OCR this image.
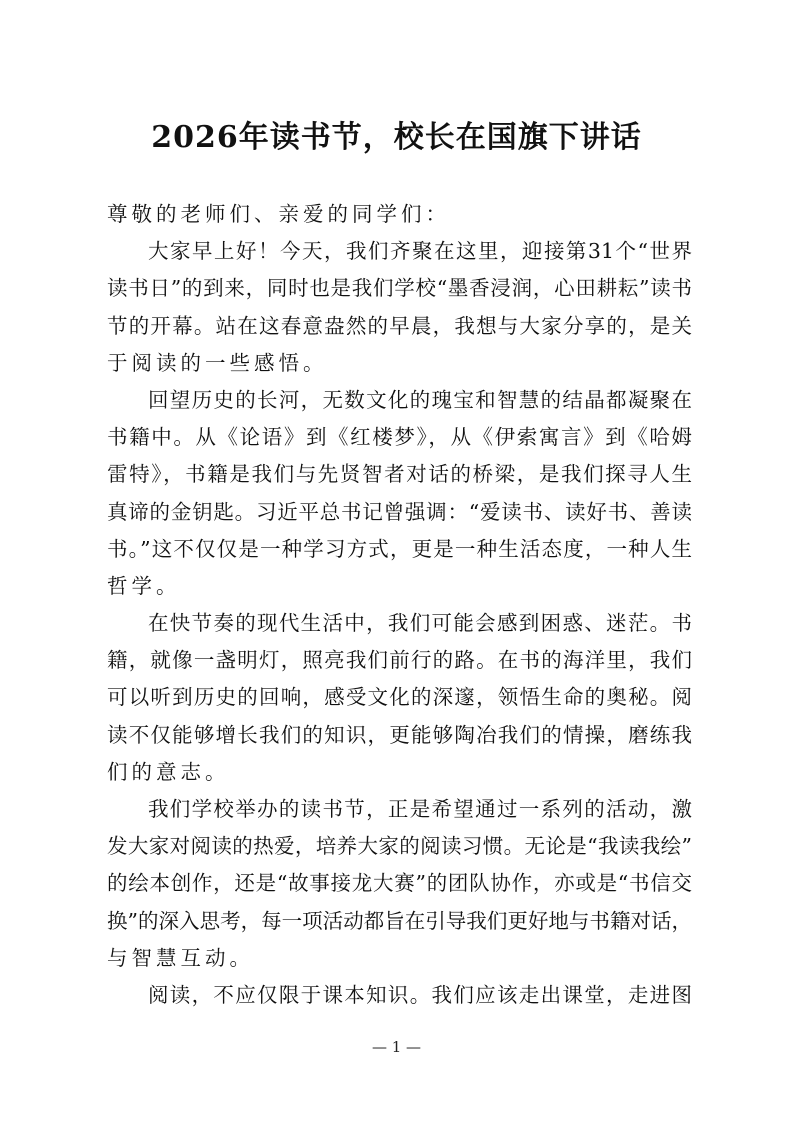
2026年读书节，校长在国旗下讲话
尊敬的老师们、亲爱的同学们：
大家早上好！今天，我们齐聚在这里，迎接第31个“世界
读书日”的到来，同时也是我们学校“墨香浸润，心田耕耘”读书
节的开幕。站在这春意盎然的早晨，我想与大家分享的，是关
于阅读的一些感悟。
回望历史的长河，无数文化的瑰宝和智慧的结晶都凝聚在
书籍中。从《论语》到《红楼梦》，从《伊索寓言》到《哈姆
雷特》，书籍是我们与先贤智者对话的桥梁，是我们探寻人生
真谛的金钥匙。习近平总书记曾强调：“爱读书、读好书、善读
书。”这不仅仅是一种学习方式，更是一种生活态度，一种人生
哲学。
在快节奏的现代生活中，我们可能会感到困惑、迷茫。书
籍，就像一盏明灯，照亮我们前行的路。在书的海洋里，我们
可以听到历史的回响，感受文化的深邃，领悟生命的奥秘。阅
读不仅能够增长我们的知识，更能够陶冶我们的情操，磨练我
们的意志。
我们学校举办的读书节，正是希望通过一系列的活动，激
发大家对阅读的热爱，培养大家的阅读习惯。无论是“我读我绘”
的绘本创作，还是“故事接龙大赛”的团队协作，亦或是“书信交
换”的深入思考，每一项活动都旨在引导我们更好地与书籍对话，
与智慧互动。
阅读，不应仅限于课本知识。我们应该走出课堂，走进图
— 1 —
